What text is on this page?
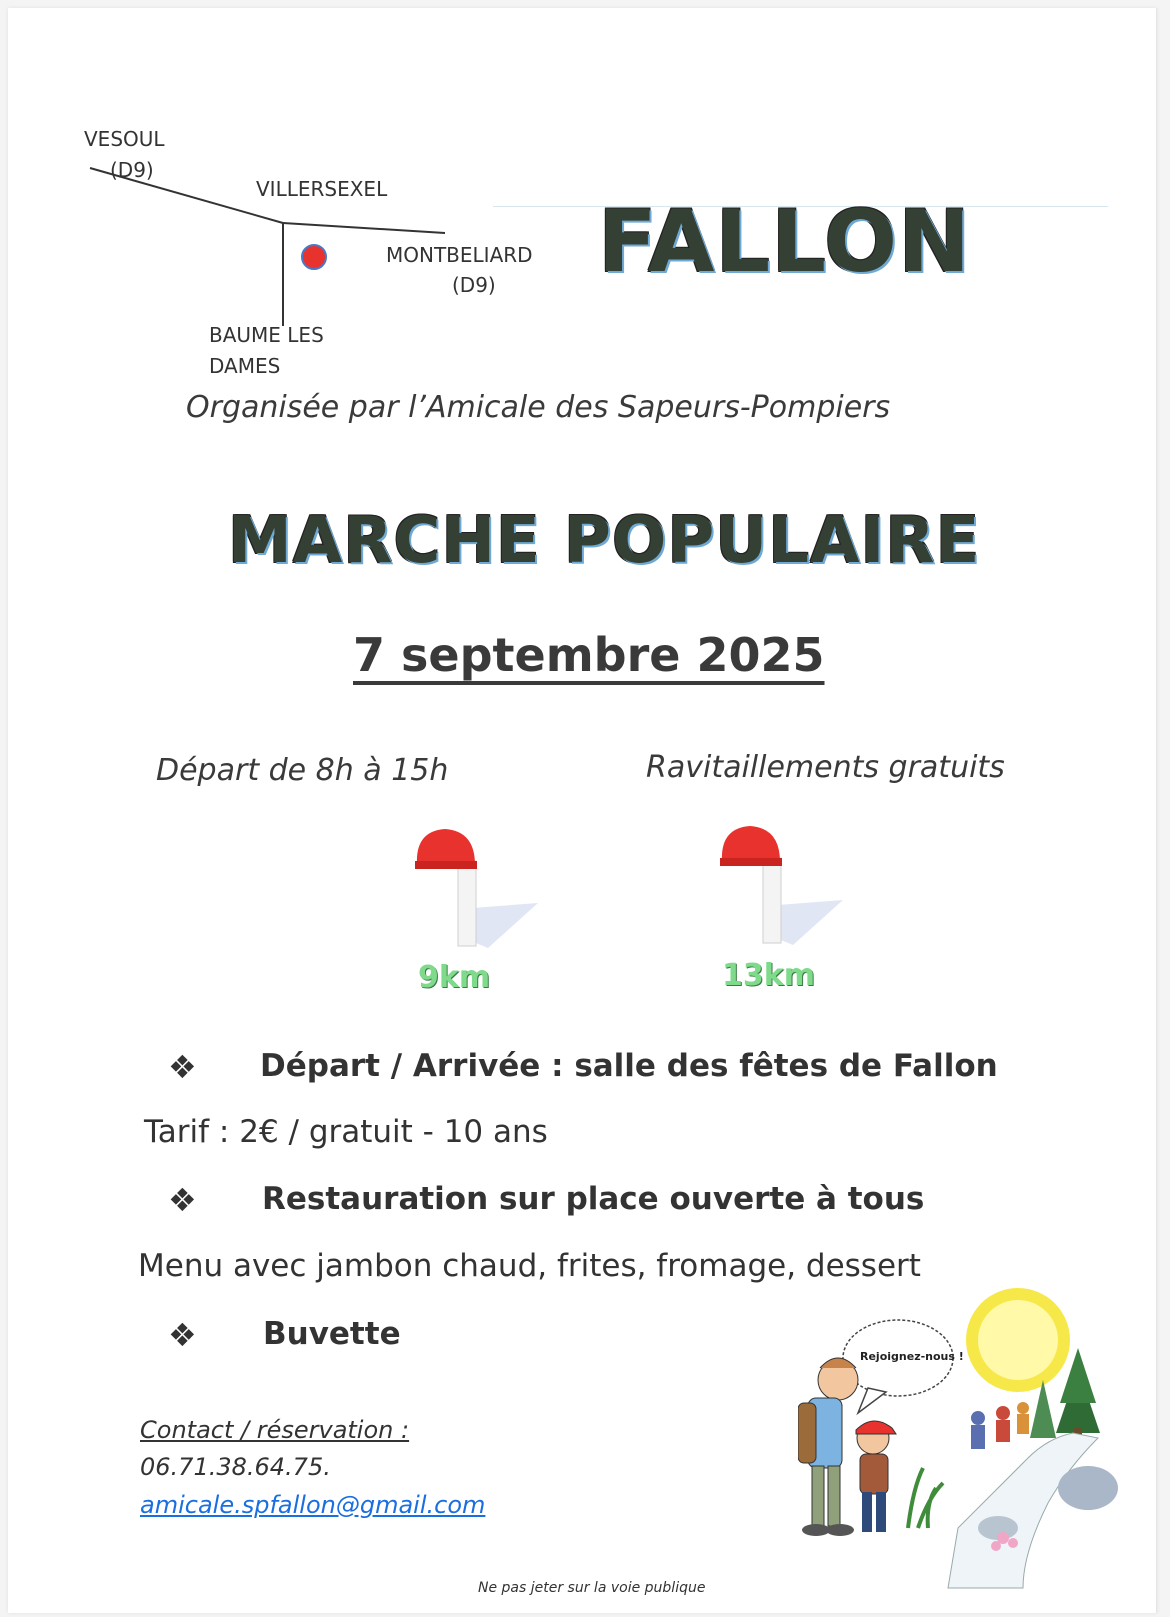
VESOUL
(D9)
VILLERSEXEL
MONTBELIARD
(D9)
BAUME LES
DAMES
FALLON
Organisée par l’Amicale des Sapeurs-Pompiers
MARCHE POPULAIRE
7 septembre 2025
Départ de 8h à 15h	Ravitaillements gratuits
9km	13km
❖ Départ / Arrivée : salle des fêtes de Fallon
Tarif : 2€ / gratuit - 10 ans
❖ Restauration sur place ouverte à tous
Menu avec jambon chaud, frites, fromage, dessert
❖ Buvette
Contact / réservation :
06.71.38.64.75.
amicale.spfallon@gmail.com
Rejoignez-nous !
Ne pas jeter sur la voie publique
